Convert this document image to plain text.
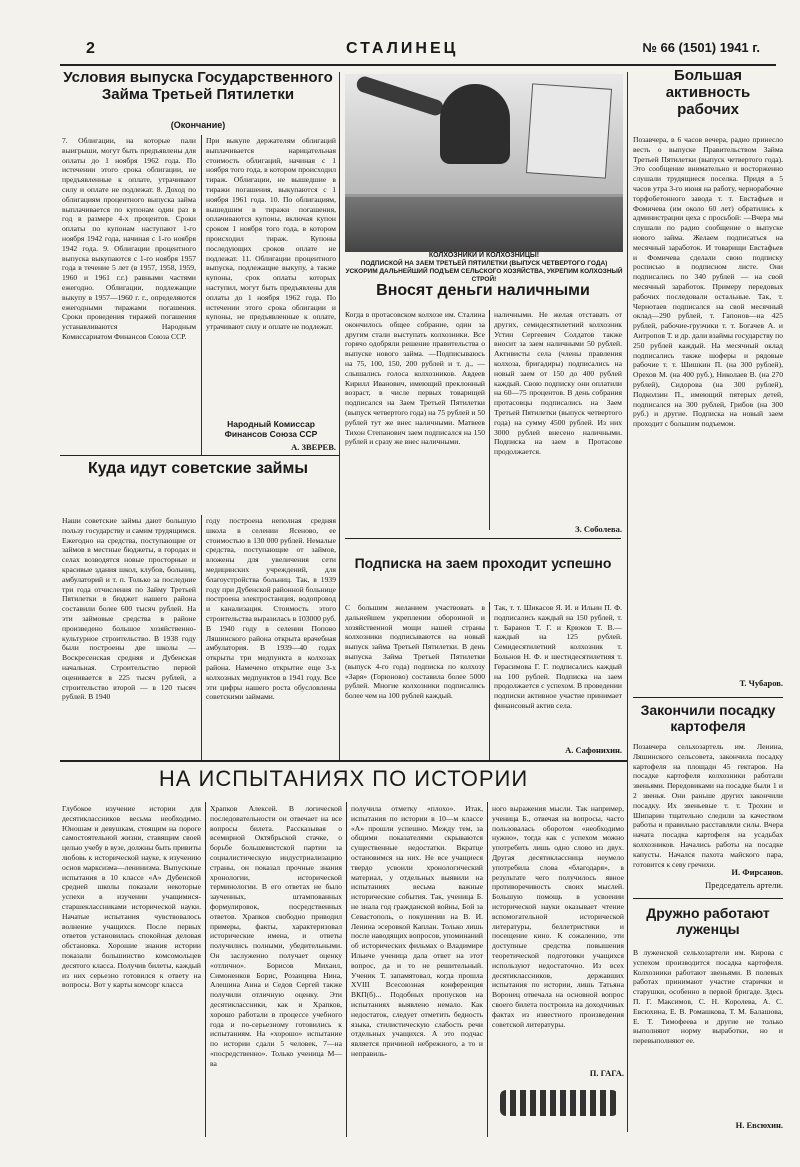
2	СТАЛИНЕЦ	№ 66 (1501) 1941 г.
Условия выпуска Государственного Займа Третьей Пятилетки
(Окончание)
7. Облигации, на которые пали выигрыши, могут быть предъявлены для оплаты до 1 ноября 1962 года. По истечении этого срока облигации, не предъявленные к оплате, утрачивают силу и оплате не подлежат. 8. Доход по облигациям процентного выпуска займа выплачивается по купонам один раз в год в размере 4-х процентов. Сроки оплаты по купонам наступают 1-го ноября 1942 года, начиная с 1-го ноября 1942 года. 9. Облигации процентного выпуска выкупаются с 1-го ноября 1957 года в течение 5 лет (в 1957, 1958, 1959, 1960 и 1961 г.г.) равными частями ежегодно. Облигации, подлежащие выкупу в 1957—1960 г. г., определяются ежегодными тиражами погашения. Сроки проведения тиражей погашения устанавливаются Народным Комиссариатом Финансов Союза ССР.
При выкупе держателям облигаций выплачивается нарицательная стоимость облигаций, начиная с 1 ноября того года, в котором происходил тираж. Облигации, не вышедшие в тиражи погашения, выкупаются с 1 ноября 1961 года. 10. По облигациям, вышедшим в тиражи погашения, оплачиваются купоны, включая купон сроком 1 ноября того года, в котором происходил тираж. Купоны последующих сроков оплате не подлежат. 11. Облигации процентного выпуска, подлежащие выкупу, а также купоны, срок оплаты которых наступил, могут быть предъявлены для оплаты до 1 ноября 1962 года. По истечении этого срока облигации и купоны, не предъявленные к оплате, утрачивают силу и оплате не подлежат.
Народный Комиссар Финансов Союза ССР
А. ЗВЕРЕВ.
Куда идут советские займы
Наши советские займы дают большую пользу государству и самим трудящимся. Ежегодно на средства, поступающие от займов в местные бюджеты, в городах и селах возводятся новые просторные и красивые здания школ, клубов, больниц, амбулаторий и т. п. Только за последние три года отчисления по Займу Третьей Пятилетки в бюджет нашего района составили более 600 тысяч рублей. На эти займовые средства в районе произведено большое хозяйственно-культурное строительство. В 1938 году были построены две школы — Воскресенская средняя и Дубенская начальная. Строительство первой оценивается в 225 тысяч рублей, а строительство второй — в 120 тысяч рублей. В 1940
году построена неполная средняя школа в селении Ясеново, ее стоимостью в 130 000 рублей. Немалые средства, поступающие от займов, вложены для увеличения сети медицинских учреждений, для благоустройства больниц. Так, в 1939 году при Дубенской районной больнице построена электростанция, водопровод и канализация. Стоимость этого строительства выразилась в 103000 руб. В 1940 году в селении Попово Ляшинского района открыта врачебная амбулатория. В 1939—40 годах открыты три медпункта в колхозах района. Намечено открытие еще 3-х колхозных медпунктов в 1941 году. Все эти цифры нашего роста обусловлены советскими займами.
КОЛХОЗНИКИ И КОЛХОЗНИЦЫ!
ПОДПИСКОЙ НА ЗАЕМ ТРЕТЬЕЙ ПЯТИЛЕТКИ (ВЫПУСК ЧЕТВЕРТОГО ГОДА) УСКОРИМ ДАЛЬНЕЙШИЙ ПОДЪЕМ СЕЛЬСКОГО ХОЗЯЙСТВА, УКРЕПИМ КОЛХОЗНЫЙ СТРОЙ!
Вносят деньги наличными
Когда в протасовском колхозе им. Сталина окончилось общее собрание, один за другим стали выступать колхозники. Все горячо одобряли решение правительства о выпуске нового займа. —Подписываюсь на 75, 100, 150, 200 рублей и т. д., —слышались голоса колхозников. Авдеев Кирилл Иванович, имеющий преклонный возраст, в числе первых товарищей подписался на Заем Третьей Пятилетки (выпуск четвертого года) на 75 рублей и 50 рублей тут же внес наличными. Матвеев Тихон Степанович заем подписался на 150 рублей и сразу же внес наличными.
наличными. Не желая отставать от других, семидесятилетний колхозник Устин Сергеевич Солдатов также вносит за заем наличными 50 рублей. Активисты села (члены правления колхоза, бригадиры) подписались на новый заем от 150 до 400 рублей каждый. Свою подписку они оплатили на 60—75 процентов. В день собрания протасовцы подписались на Заем Третьей Пятилетки (выпуск четвертого года) на сумму 4500 рублей. Из них 3000 рублей внесено наличными. Подписка на заем в Протасове продолжается.
З. Соболева.
Подписка на заем проходит успешно
С большим желанием участвовать в дальнейшем укреплении оборонной и хозяйственной мощи нашей страны колхозники подписываются на новый выпуск займа Третьей Пятилетки. В день выпуска Займа Третьей Пятилетки (выпуск 4-го года) подписка по колхозу «Заря» (Горюново) составила более 5000 рублей. Многие колхозники подписались более чем на 100 рублей каждый.
Так, т. т. Шикасов Я. И. и Ильин П. Ф. подписались каждый на 150 рублей, т. т. Баранов Т. Г. и Крюков Т. В.—каждый на 125 рублей. Семидесятилетний колхозник т. Больнов Н. Ф. и шестидесятилетняя т. Герасимова Г. Г. подписались каждый на 100 рублей. Подписка на заем продолжается с успехом. В проведении подписки активное участие принимает финансовый актив села.
А. Сафонихин.
Большая активность рабочих
Позавчера, в 6 часов вечера, радио принесло весть о выпуске Правительством Займа Третьей Пятилетки (выпуск четвертого года). Это сообщение внимательно и восторженно слушали трудящиеся поселка. Придя в 5 часов утра 3-го июня на работу, чернорабочие торфобетонного завода т. т. Евстафьев и Фомичева (им около 60 лет) обратились к администрации цеха с просьбой: —Вчера мы слушали по радио сообщение о выпуске нового займа. Желаем подписаться на месячный заработок. И товарищи Евстафьев и Фомичева сделали свою подписку росписью в подписном листе. Они подписались по 340 рублей — на свой месячный заработок. Примеру передовых рабочих последовали остальные. Так, т. Чернотаев подписался на свой месячный оклад—290 рублей, т. Гапонов—на 425 рублей, рабочие-грузчики т. т. Богачев А. и Антропов Т. и др. дали взаймы государству по 250 рублей каждый. На месячный оклад подписались также шоферы и рядовые рабочие т. т. Шишкин П. (на 300 рублей), Орехов М. (на 400 руб.), Николаев В. (на 270 рублей), Сидорова (на 300 рублей), Подколзин П., имеющий пятерых детей, подписался на 300 рублей, Грибов (на 300 руб.) и другие. Подписка на новый заем проходит с большим подъемом.
Т. Чубаров.
Закончили посадку картофеля
Позавчера сельхозартель им. Ленина, Ляшинского сельсовета, закончила посадку картофеля на площади 45 гектаров. На посадке картофеля колхозники работали звеньями. Передовиками на посадке были 1 и 2 звенья. Они раньше других закончили посадку. Их звеньевые т. т. Трохин и Шипарин тщательно следили за качеством работы и правильно расставляли силы. Вчера начата посадка картофеля на усадьбах колхозников. Начались работы на посадке капусты. Начался пахота майского пара, готовится к севу гречихи.
И. Фирсанов.
Председатель артели.
Дружно работают луженцы
В луженской сельхозартели им. Кирова с успехом производится посадка картофеля. Колхозники работают звеньями. В полевых работах принимают участие старички и старушки, особенно в первой бригаде. Здесь П. Г. Максимов, С. Н. Королева, А. С. Евсюхина, Е. В. Ромашкова, Т. М. Балашова, Е. Т. Тимофеева и другие не только выполняют норму выработки, но и перевыполняют ее.
Н. Евсюхин.
НА ИСПЫТАНИЯХ ПО ИСТОРИИ
Глубокое изучение истории для десятиклассников весьма необходимо. Юношам и девушкам, стоящим на пороге самостоятельной жизни, ставящим своей целью учебу в вузе, должны быть привиты любовь к исторической науке, к изучению основ марксизма—ленинизма. Выпускные испытания в 10 классе «А» Дубенской средней школы показали некоторые успехи в изучении учащимися-старшеклассниками исторической науки. Начатые испытания чувствовалось волнение учащихся. После первых ответов установилась спокойная деловая обстановка. Хорошие знания истории показали большинство комсомольцев десятого класса. Получив билеты, каждый из них серьезно готовился к ответу на вопросы. Вот у карты комсорг класса
Храпков Алексей. В логической последовательности он отвечает на все вопросы билета. Рассказывая о всемирной Октябрьской стачке, о борьбе большевистской партии за социалистическую индустриализацию страны, он показал прочные знания хронологии, исторической терминологии. В его ответах не было заученных, штампованных формулировок, посредственных ответов. Храпков свободно приводил примеры, факты, характеризовал исторические имена, и ответы получились полными, убедительными. Он заслуженно получает оценку «отлично». Борисов Михаил, Симоненков Борис, Розанцева Нина, Алешина Анна и Седов Сергей также получили отличную оценку. Эти десятиклассники, как и Храпков, хорошо работали в процессе учебного года и по-серьезному готовились к испытаниям. На «хорошо» испытание по истории сдали 5 человек, 7—на «посредственно». Только ученица М—ва
получила отметку «плохо». Итак, испытания по истории в 10—м классе «А» прошли успешно. Между тем, за общими показателями скрываются существенные недостатки. Вкратце остановимся на них. Не все учащиеся твердо усвоили хронологический материал, у отдельных выявили на испытаниях весьма важные исторические события. Так, ученица Б. не знала год гражданской войны, Бой за Севастополь, о покушении на В. И. Ленина эсеровкой Каплан. Только лишь после наводящих вопросов, упоминаний об исторических фильмах о Владимире Ильиче ученица дала ответ на этот вопрос, да и то не решительный. Ученик Т. запамятовал, когда прошла XVIII Всесоюзная конференция ВКП(б)... Подобных пропусков на испытаниях выявлено немало. Как недостаток, следует отметить бедность языка, стилистическую слабость речи отдельных учащихся. А это подчас является причиной небрежного, а то и неправиль-
ного выражения мысли. Так например, ученица Б., отвечая на вопросы, часто пользовалась оборотом «необходимо нужно», тогда как с успехом можно употребить лишь одно слово из двух. Другая десятиклассница неумело употребила слова «благодаря», в результате чего получилось явное противоречивость своих мыслей. Большую помощь в усвоении исторической науки оказывает чтение вспомогательной исторической литературы, беллетристики и посещение кино. К сожалению, эти доступные средства повышения теоретической подготовки учащихся используют недостаточно. Из всех десятиклассников, державших испытания по истории, лишь Татьяна Воронец отвечала на основной вопрос своего билета построила на доходчивых фактах из известного произведения советской литературы.
П. ГАГА.
